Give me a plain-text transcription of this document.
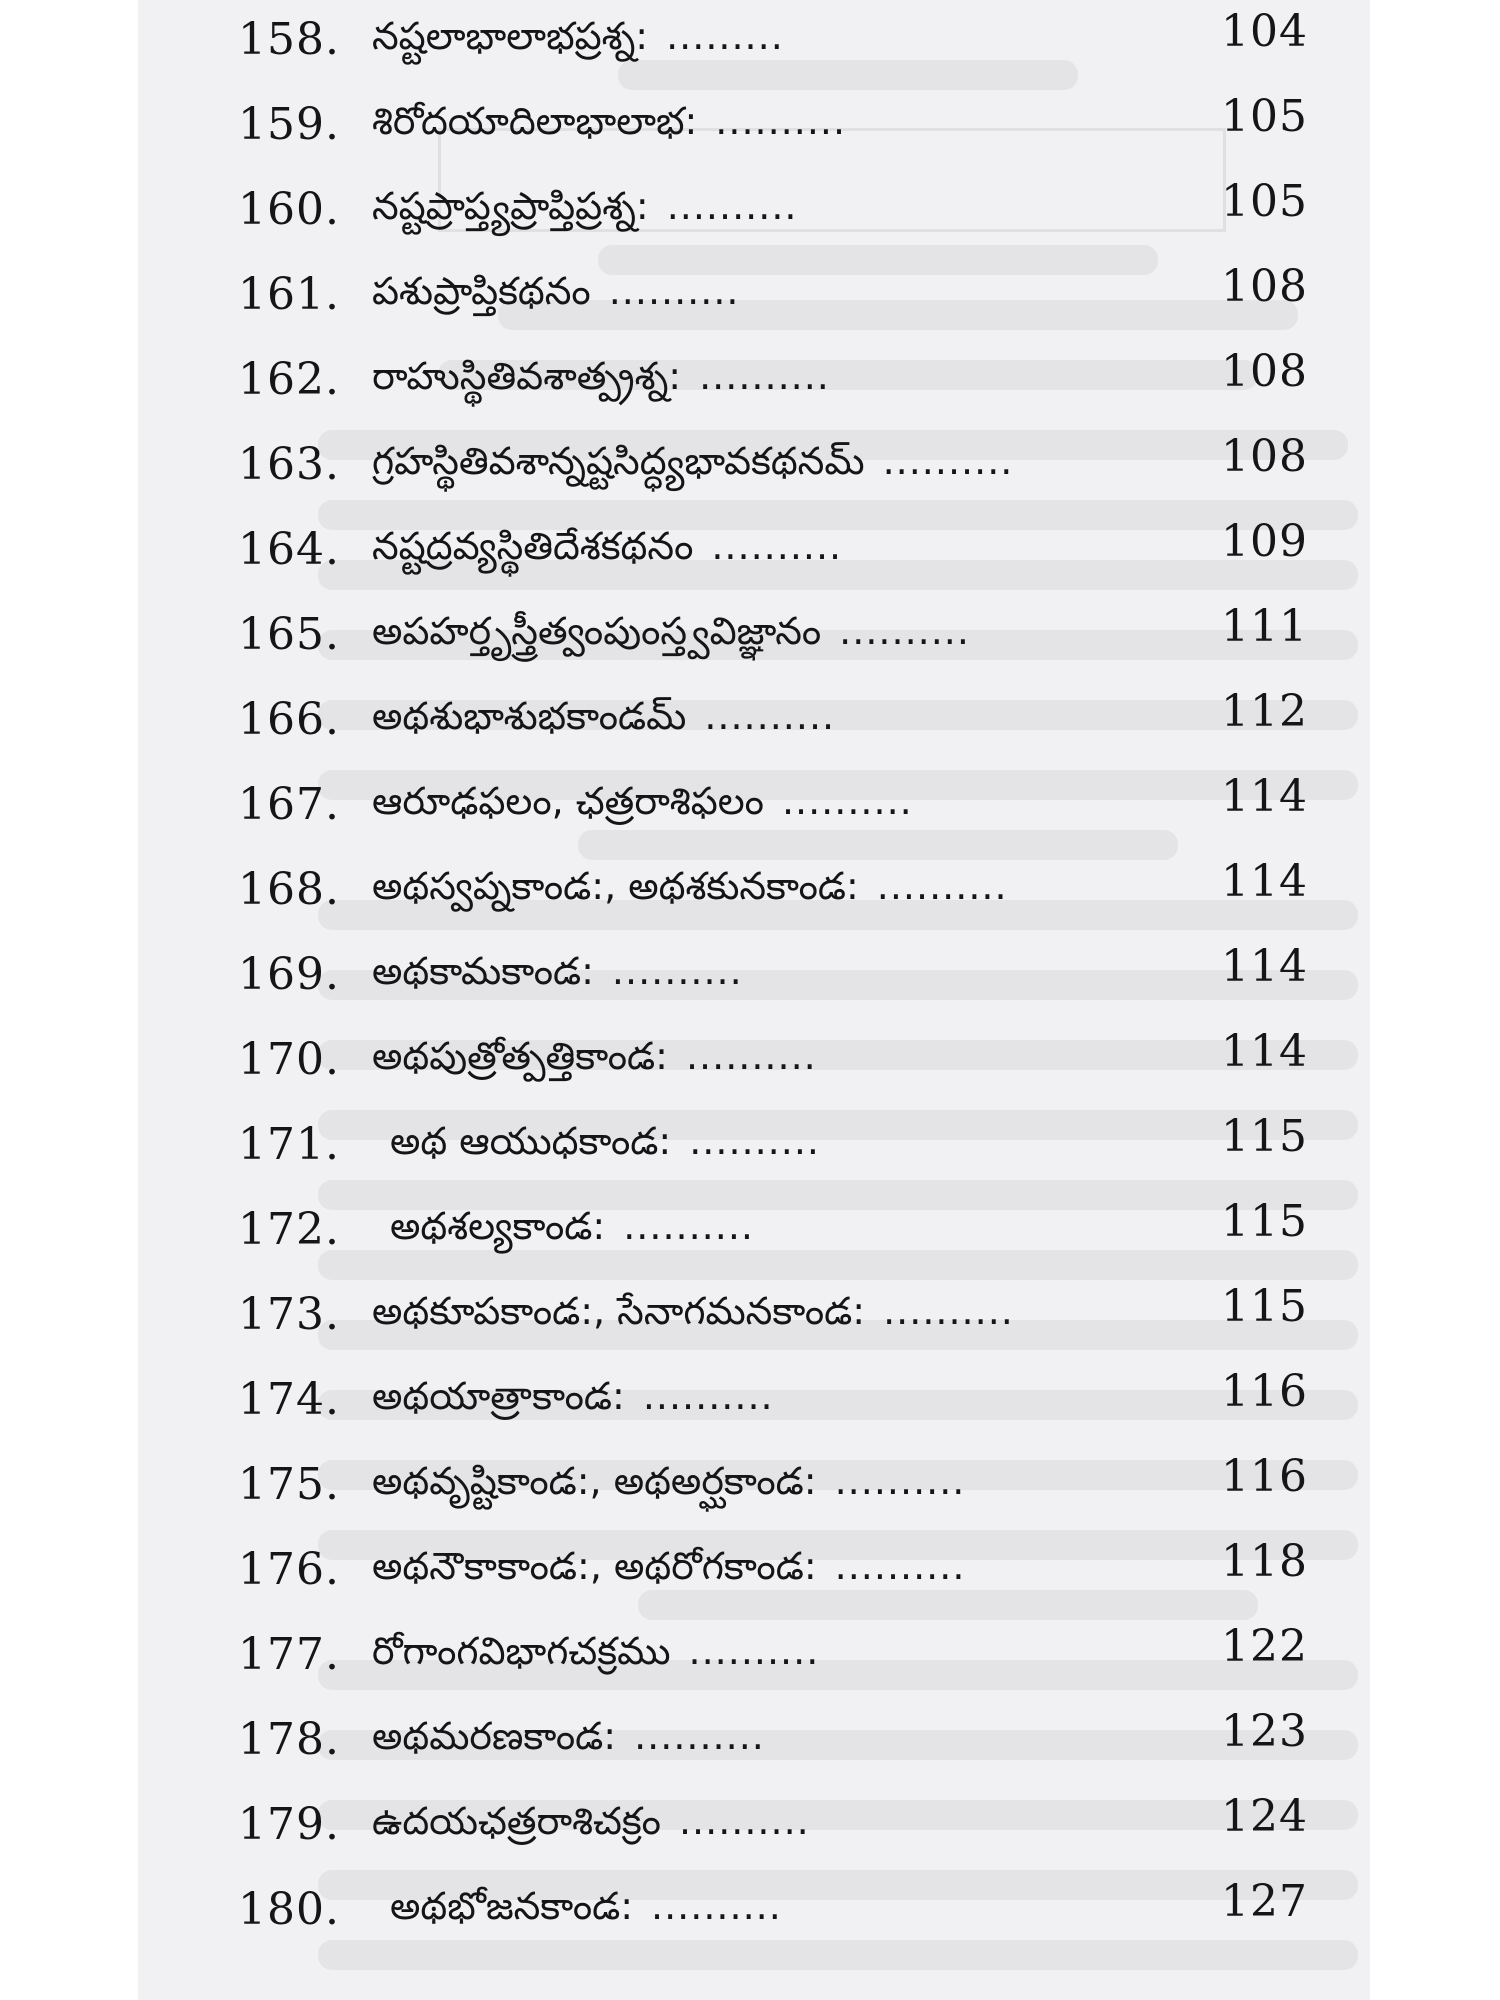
158. నష్టలాభాలాభప్రశ్న: .........	104
159. శిరోదయాదిలాభాలాభ: ..........	105
160. నష్టప్రాప్త్యప్రాప్తిప్రశ్న: ..........	105
161. పశుప్రాప్తికథనం ..........	108
162. రాహుస్థితివశాత్ప్రశ్న: ..........	108
163. గ్రహస్థితివశాన్నష్టసిద్ధ్యభావకథనమ్ ..........	108
164. నష్టద్రవ్యస్థితిదేశకథనం ..........	109
165. అపహర్తృస్త్రీత్వంపుంస్త్వవిజ్ఞానం ..........	111
166. అథశుభాశుభకాండమ్ ..........	112
167. ఆరూఢఫలం, ఛత్రరాశిఫలం ..........	114
168. అథస్వప్నకాండ:, అథశకునకాండ: ..........	114
169. అథకామకాండ: ..........	114
170. అథపుత్రోత్పత్తికాండ: ..........	114
171. అథ ఆయుధకాండ: ..........	115
172. అథశల్యకాండ: ..........	115
173. అథకూపకాండ:, సేనాగమనకాండ: ..........	115
174. అథయాత్రాకాండ: ..........	116
175. అథవృష్టికాండ:, అథఅర్ఘకాండ: ..........	116
176. అథనౌకాకాండ:, అథరోగకాండ: ..........	118
177. రోగాంగవిభాగచక్రము ..........	122
178. అథమరణకాండ: ..........	123
179. ఉదయఛత్రరాశిచక్రం ..........	124
180. అథభోజనకాండ: ..........	127
